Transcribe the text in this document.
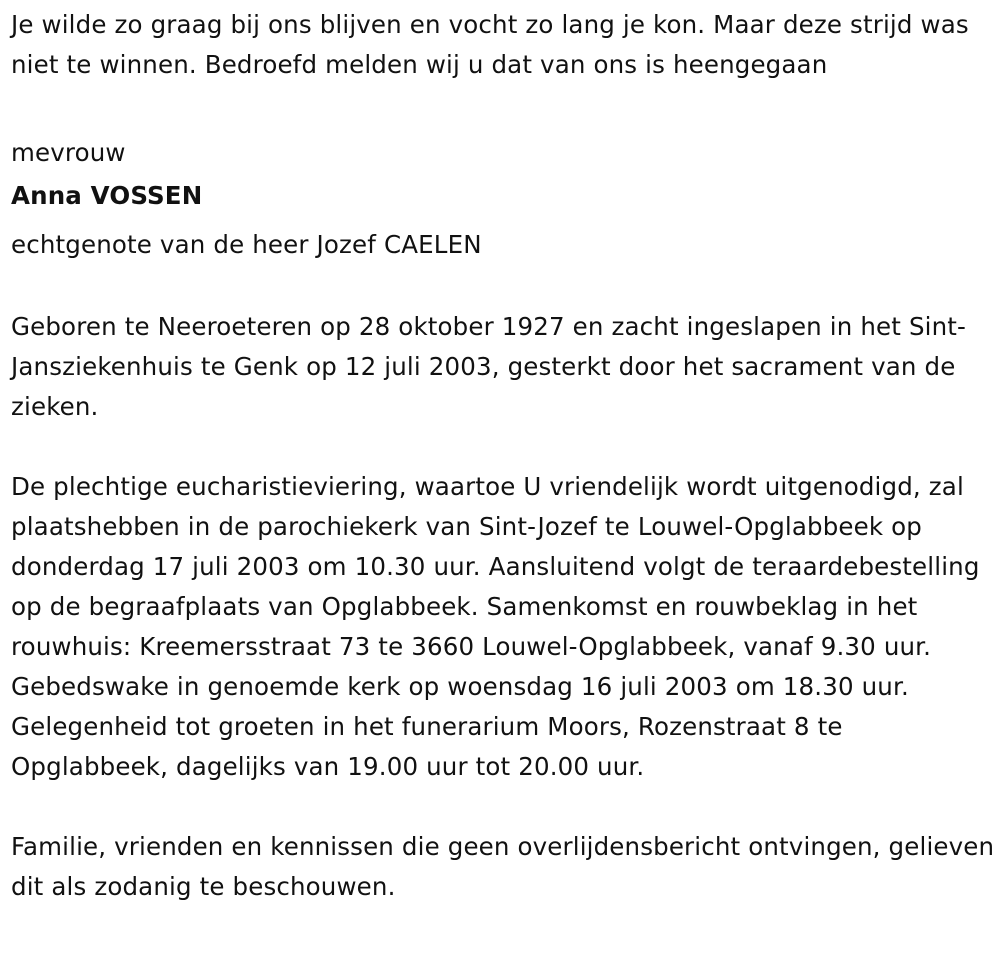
Je wilde zo graag bij ons blijven en vocht zo lang je kon. Maar deze strijd was niet te winnen. Bedroefd melden wij u dat van ons is heengegaan

mevrouw

Anna VOSSEN

echtgenote van de heer Jozef CAELEN

Geboren te Neeroeteren op 28 oktober 1927 en zacht ingeslapen in het Sint-Jansziekenhuis te Genk op 12 juli 2003, gesterkt door het sacrament van de zieken.

De plechtige eucharistieviering, waartoe U vriendelijk wordt uitgenodigd, zal plaatshebben in de parochiekerk van Sint-Jozef te Louwel-Opglabbeek op donderdag 17 juli 2003 om 10.30 uur. Aansluitend volgt de teraardebestelling op de begraafplaats van Opglabbeek. Samenkomst en rouwbeklag in het rouwhuis: Kreemersstraat 73 te 3660 Louwel-Opglabbeek, vanaf 9.30 uur. Gebedswake in genoemde kerk op woensdag 16 juli 2003 om 18.30 uur. Gelegenheid tot groeten in het funerarium Moors, Rozenstraat 8 te Opglabbeek, dagelijks van 19.00 uur tot 20.00 uur.

Familie, vrienden en kennissen die geen overlijdensbericht ontvingen, gelieven dit als zodanig te beschouwen.
